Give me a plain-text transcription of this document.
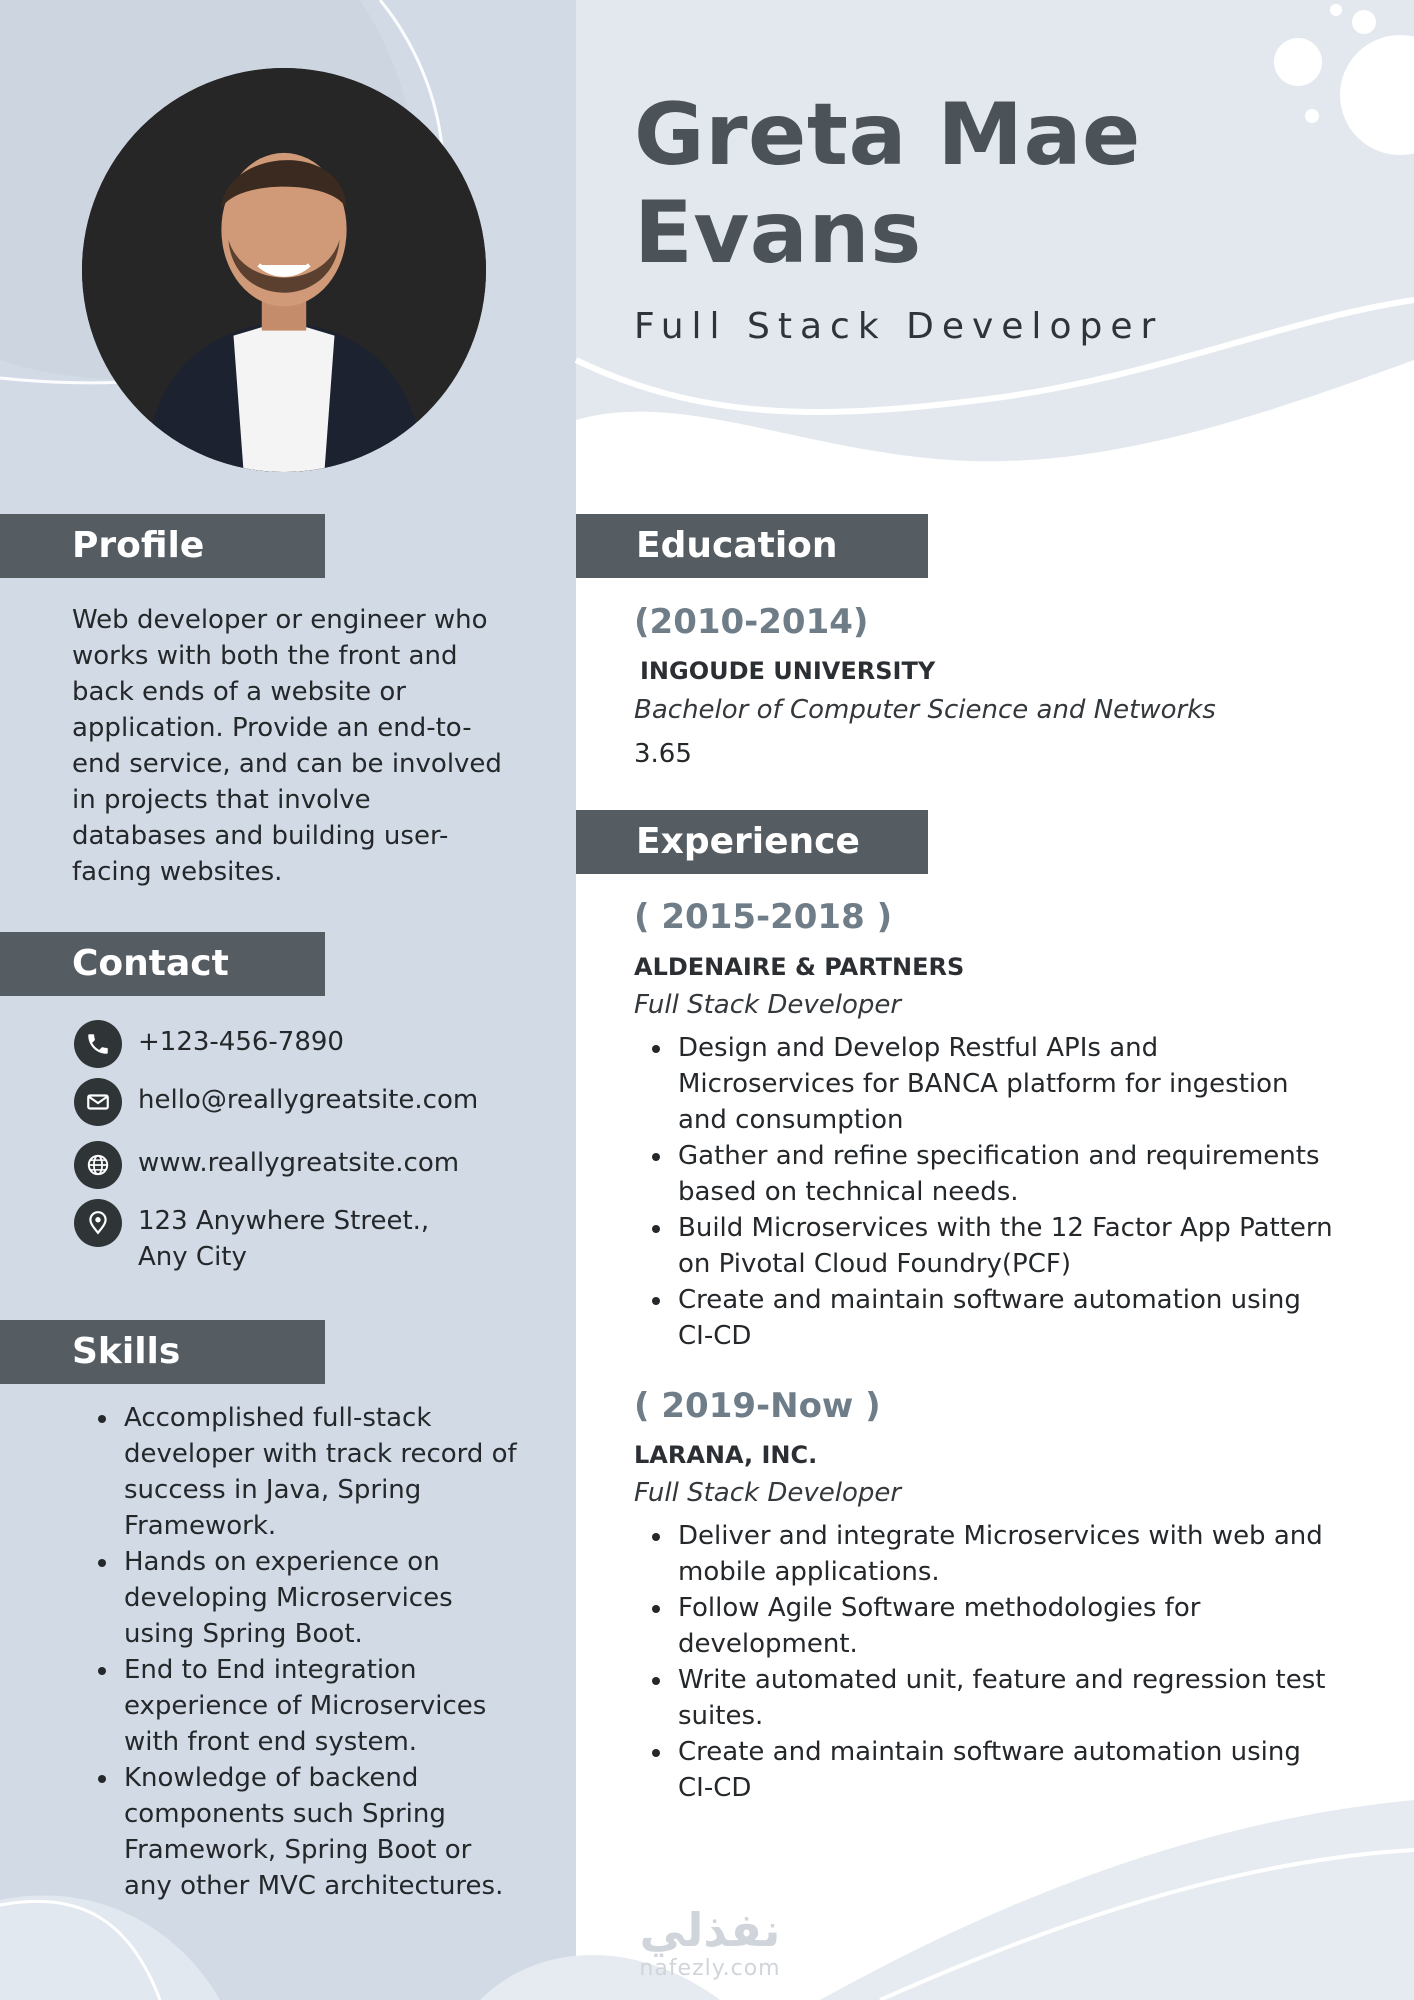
Greta Mae
Evans
Full Stack Developer
Profile
Web developer or engineer who works with both the front and back ends of a website or application. Provide an end-to-end service, and can be involved in projects that involve databases and building user-facing websites.
Contact
+123-456-7890
hello@reallygreatsite.com
www.reallygreatsite.com
123 Anywhere Street., Any City
Skills
Accomplished full-stack developer with track record of success in Java, Spring Framework.
Hands on experience on developing Microservices using Spring Boot.
End to End integration experience of Microservices with front end system.
Knowledge of backend components such Spring Framework, Spring Boot or any other MVC architectures.
Education
(2010-2014)
INGOUDE UNIVERSITY
Bachelor of Computer Science and Networks
3.65
Experience
( 2015-2018 )
ALDENAIRE & PARTNERS
Full Stack Developer
Design and Develop Restful APIs and Microservices for BANCA platform for ingestion and consumption
Gather and refine specification and requirements based on technical needs.
Build Microservices with the 12 Factor App Pattern on Pivotal Cloud Foundry(PCF)
Create and maintain software automation using CI-CD
( 2019-Now )
LARANA, INC.
Full Stack Developer
Deliver and integrate Microservices with web and mobile applications.
Follow Agile Software methodologies for development.
Write automated unit, feature and regression test suites.
Create and maintain software automation using CI-CD
نفذلي
nafezly.com
